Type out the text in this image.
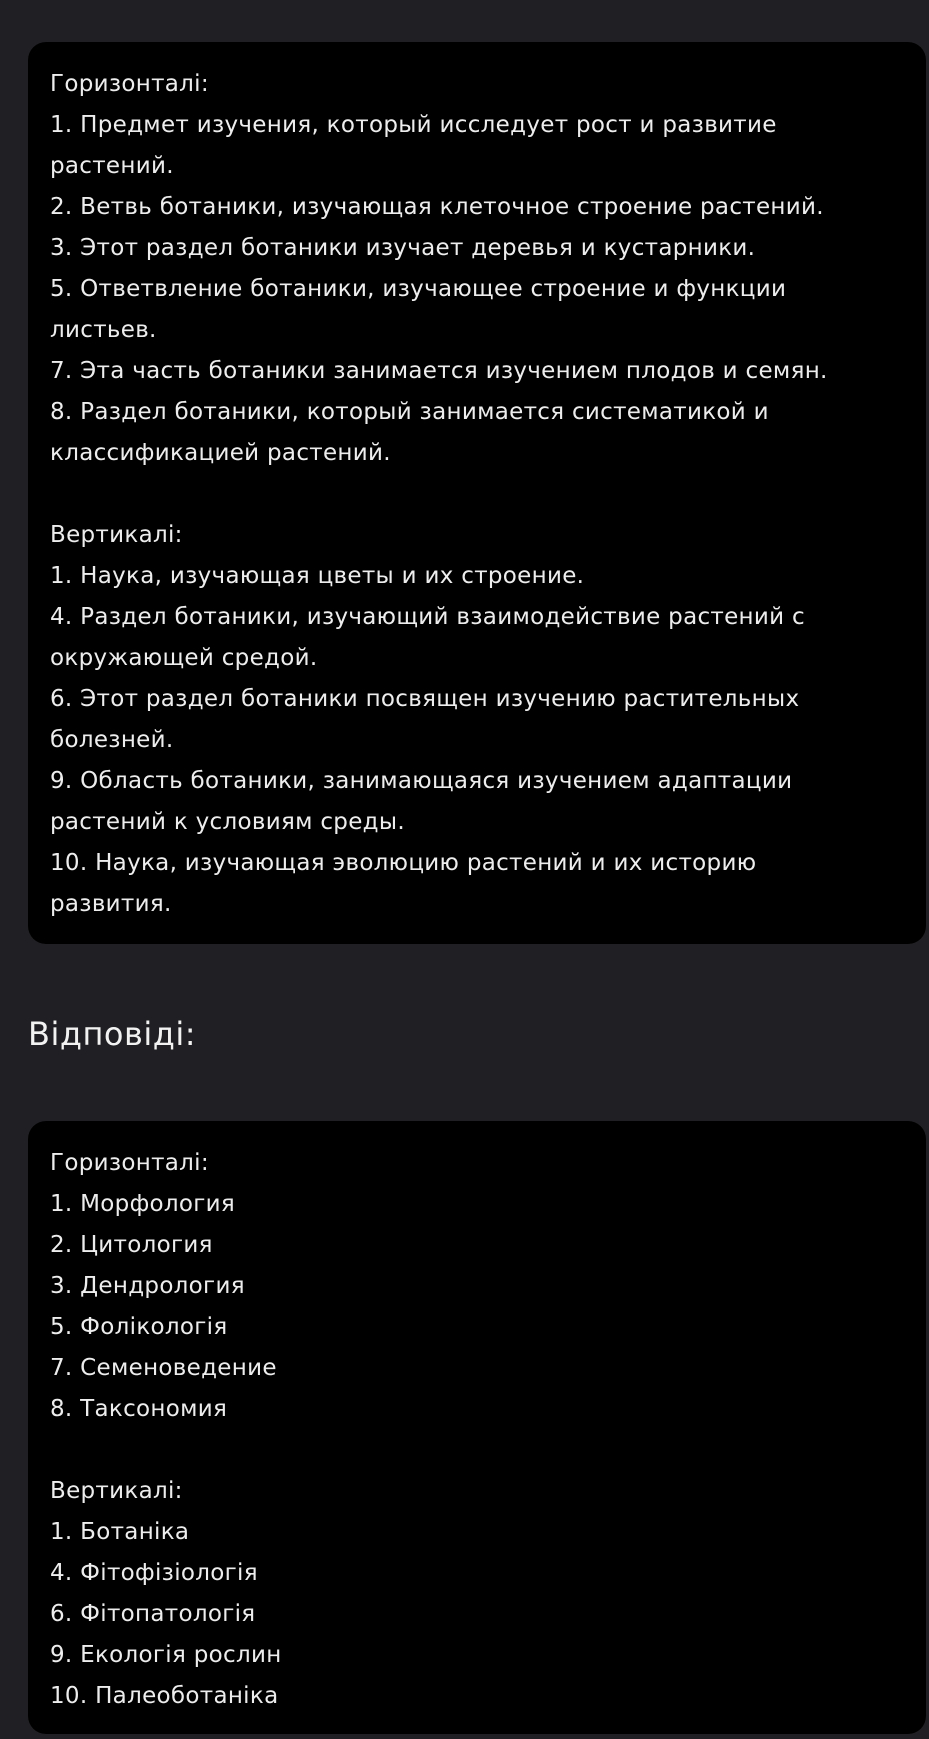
Горизонталі:
1. Предмет изучения, который исследует рост и развитие
растений.
2. Ветвь ботаники, изучающая клеточное строение растений.
3. Этот раздел ботаники изучает деревья и кустарники.
5. Ответвление ботаники, изучающее строение и функции
листьев.
7. Эта часть ботаники занимается изучением плодов и семян.
8. Раздел ботаники, который занимается систематикой и
классификацией растений.
Вертикалі:
1. Наука, изучающая цветы и их строение.
4. Раздел ботаники, изучающий взаимодействие растений с
окружающей средой.
6. Этот раздел ботаники посвящен изучению растительных
болезней.
9. Область ботаники, занимающаяся изучением адаптации
растений к условиям среды.
10. Наука, изучающая эволюцию растений и их историю
развития.
Відповіді:
Горизонталі:
1. Морфология
2. Цитология
3. Дендрология
5. Фолікологія
7. Семеноведение
8. Таксономия
Вертикалі:
1. Ботаніка
4. Фітофізіологія
6. Фітопатологія
9. Екологія рослин
10. Палеоботаніка
